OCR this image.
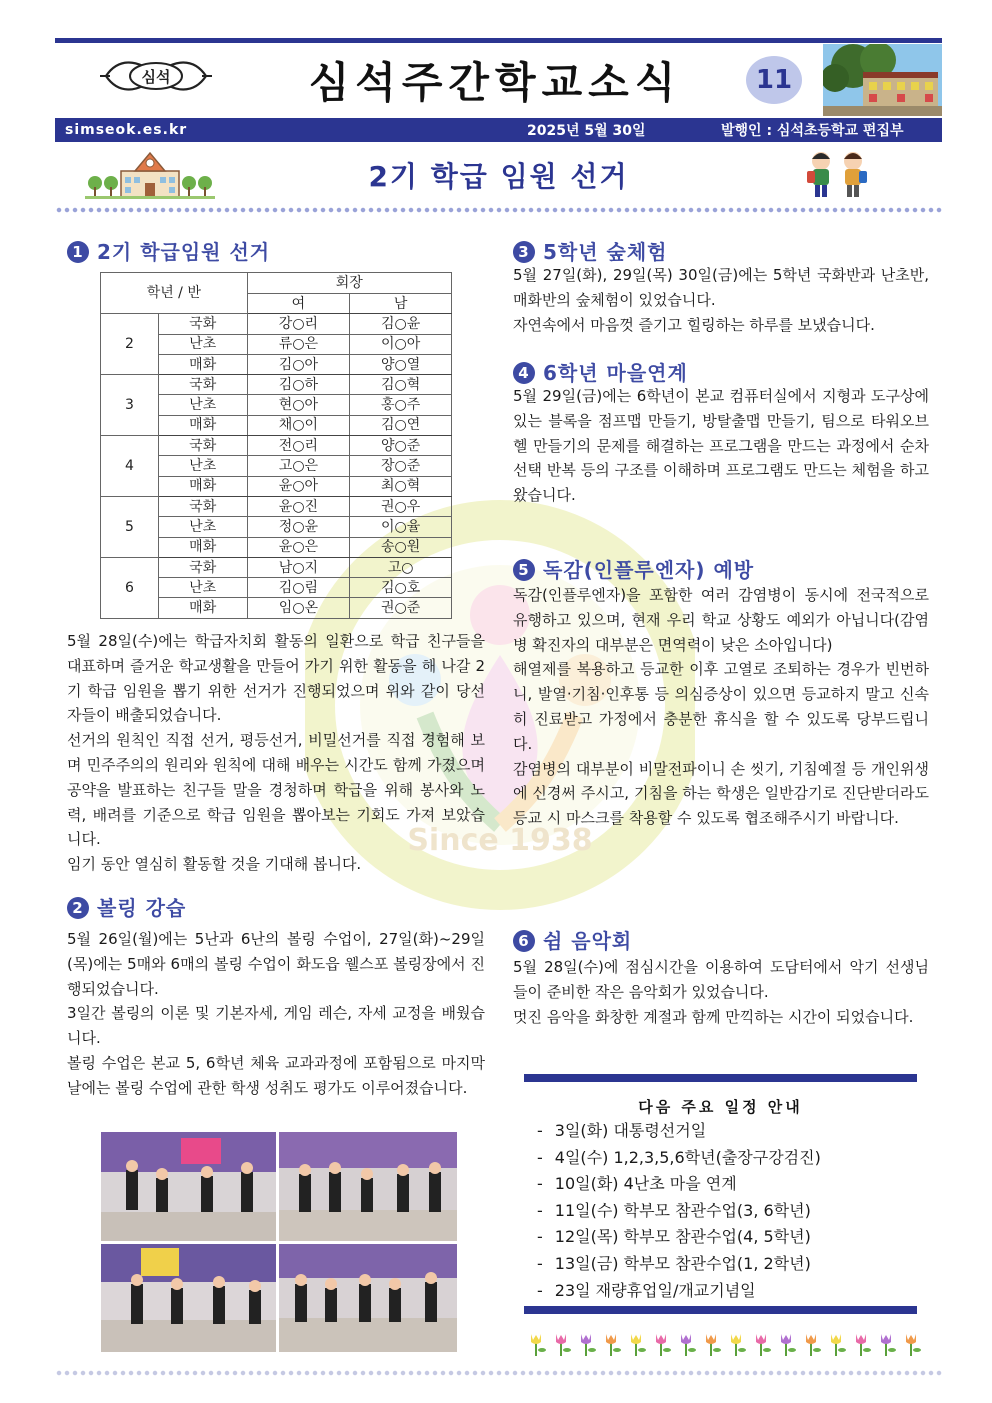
심석	심석주간학교소식	11
simseok.es.kr	2025년 5월 30일	발행인 : 심석초등학교 편집부
2기 학급 임원 선거
Since 1938
1 2기 학급임원 선거
학년 / 반		회장	
		여	남
2	국화	강○리	김○윤
	난초	류○은	이○아
	매화	김○아	양○열
3	국화	김○하	김○혁
	난초	현○아	홍○주
	매화	채○이	김○연
4	국화	전○리	양○준
	난초	고○은	장○준
	매화	윤○아	최○혁
5	국화	윤○진	권○우
	난초	정○윤	이○율
	매화	윤○은	송○원
6	국화	남○지	고○
	난초	김○림	김○호
	매화	임○온	권○준

5월 28일(수)에는 학급자치회 활동의 일환으로 학급 친구들을 대표하며 즐거운 학교생활을 만들어 가기 위한 활동을 해 나갈 2기 학급 임원을 뽑기 위한 선거가 진행되었으며 위와 같이 당선자들이 배출되었습니다.

선거의 원칙인 직접 선거, 평등선거, 비밀선거를 직접 경험해 보며 민주주의의 원리와 원칙에 대해 배우는 시간도 함께 가졌으며 공약을 발표하는 친구들 말을 경청하며 학급을 위해 봉사와 노력, 배려를 기준으로 학급 임원을 뽑아보는 기회도 가져 보았습니다.

임기 동안 열심히 활동할 것을 기대해 봅니다.

2 볼링 강습

5월 26일(월)에는 5난과 6난의 볼링 수업이, 27일(화)~29일(목)에는 5매와 6매의 볼링 수업이 화도읍 웰스포 볼링장에서 진행되었습니다.

3일간 볼링의 이론 및 기본자세, 게임 레슨, 자세 교정을 배웠습니다.

볼링 수업은 본교 5, 6학년 체육 교과과정에 포함됨으로 마지막 날에는 볼링 수업에 관한 학생 성취도 평가도 이루어졌습니다.

3 5학년 숲체험

5월 27일(화), 29일(목) 30일(금)에는 5학년 국화반과 난초반, 매화반의 숲체험이 있었습니다.

자연속에서 마음껏 즐기고 힐링하는 하루를 보냈습니다.

4 6학년 마을연계

5월 29일(금)에는 6학년이 본교 컴퓨터실에서 지형과 도구상에 있는 블록을 점프맵 만들기, 방탈출맵 만들기, 팀으로 타워오브헬 만들기의 문제를 해결하는 프로그램을 만드는 과정에서 순차 선택 반복 등의 구조를 이해하며 프로그램도 만드는 체험을 하고 왔습니다.

5 독감(인플루엔자) 예방

독감(인플루엔자)을 포함한 여러 감염병이 동시에 전국적으로 유행하고 있으며, 현재 우리 학교 상황도 예외가 아닙니다(감염병 확진자의 대부분은 면역력이 낮은 소아입니다)

해열제를 복용하고 등교한 이후 고열로 조퇴하는 경우가 빈번하니, 발열·기침·인후통 등 의심증상이 있으면 등교하지 말고 신속히 진료받고 가정에서 충분한 휴식을 할 수 있도록 당부드립니다.

감염병의 대부분이 비말전파이니 손 씻기, 기침예절 등 개인위생에 신경써 주시고, 기침을 하는 학생은 일반감기로 진단받더라도 등교 시 마스크를 착용할 수 있도록 협조해주시기 바랍니다.

6 쉼 음악회

5월 28일(수)에 점심시간을 이용하여 도담터에서 악기 선생님들이 준비한 작은 음악회가 있었습니다.

멋진 음악을 화창한 계절과 함께 만끽하는 시간이 되었습니다.

다음 주요 일정 안내
- 3일(화) 대통령선거일
- 4일(수) 1,2,3,5,6학년(출장구강검진)
- 10일(화) 4난초 마을 연계
- 11일(수) 학부모 참관수업(3, 6학년)
- 12일(목) 학부모 참관수업(4, 5학년)
- 13일(금) 학부모 참관수업(1, 2학년)
- 23일 재량휴업일/개교기념일
